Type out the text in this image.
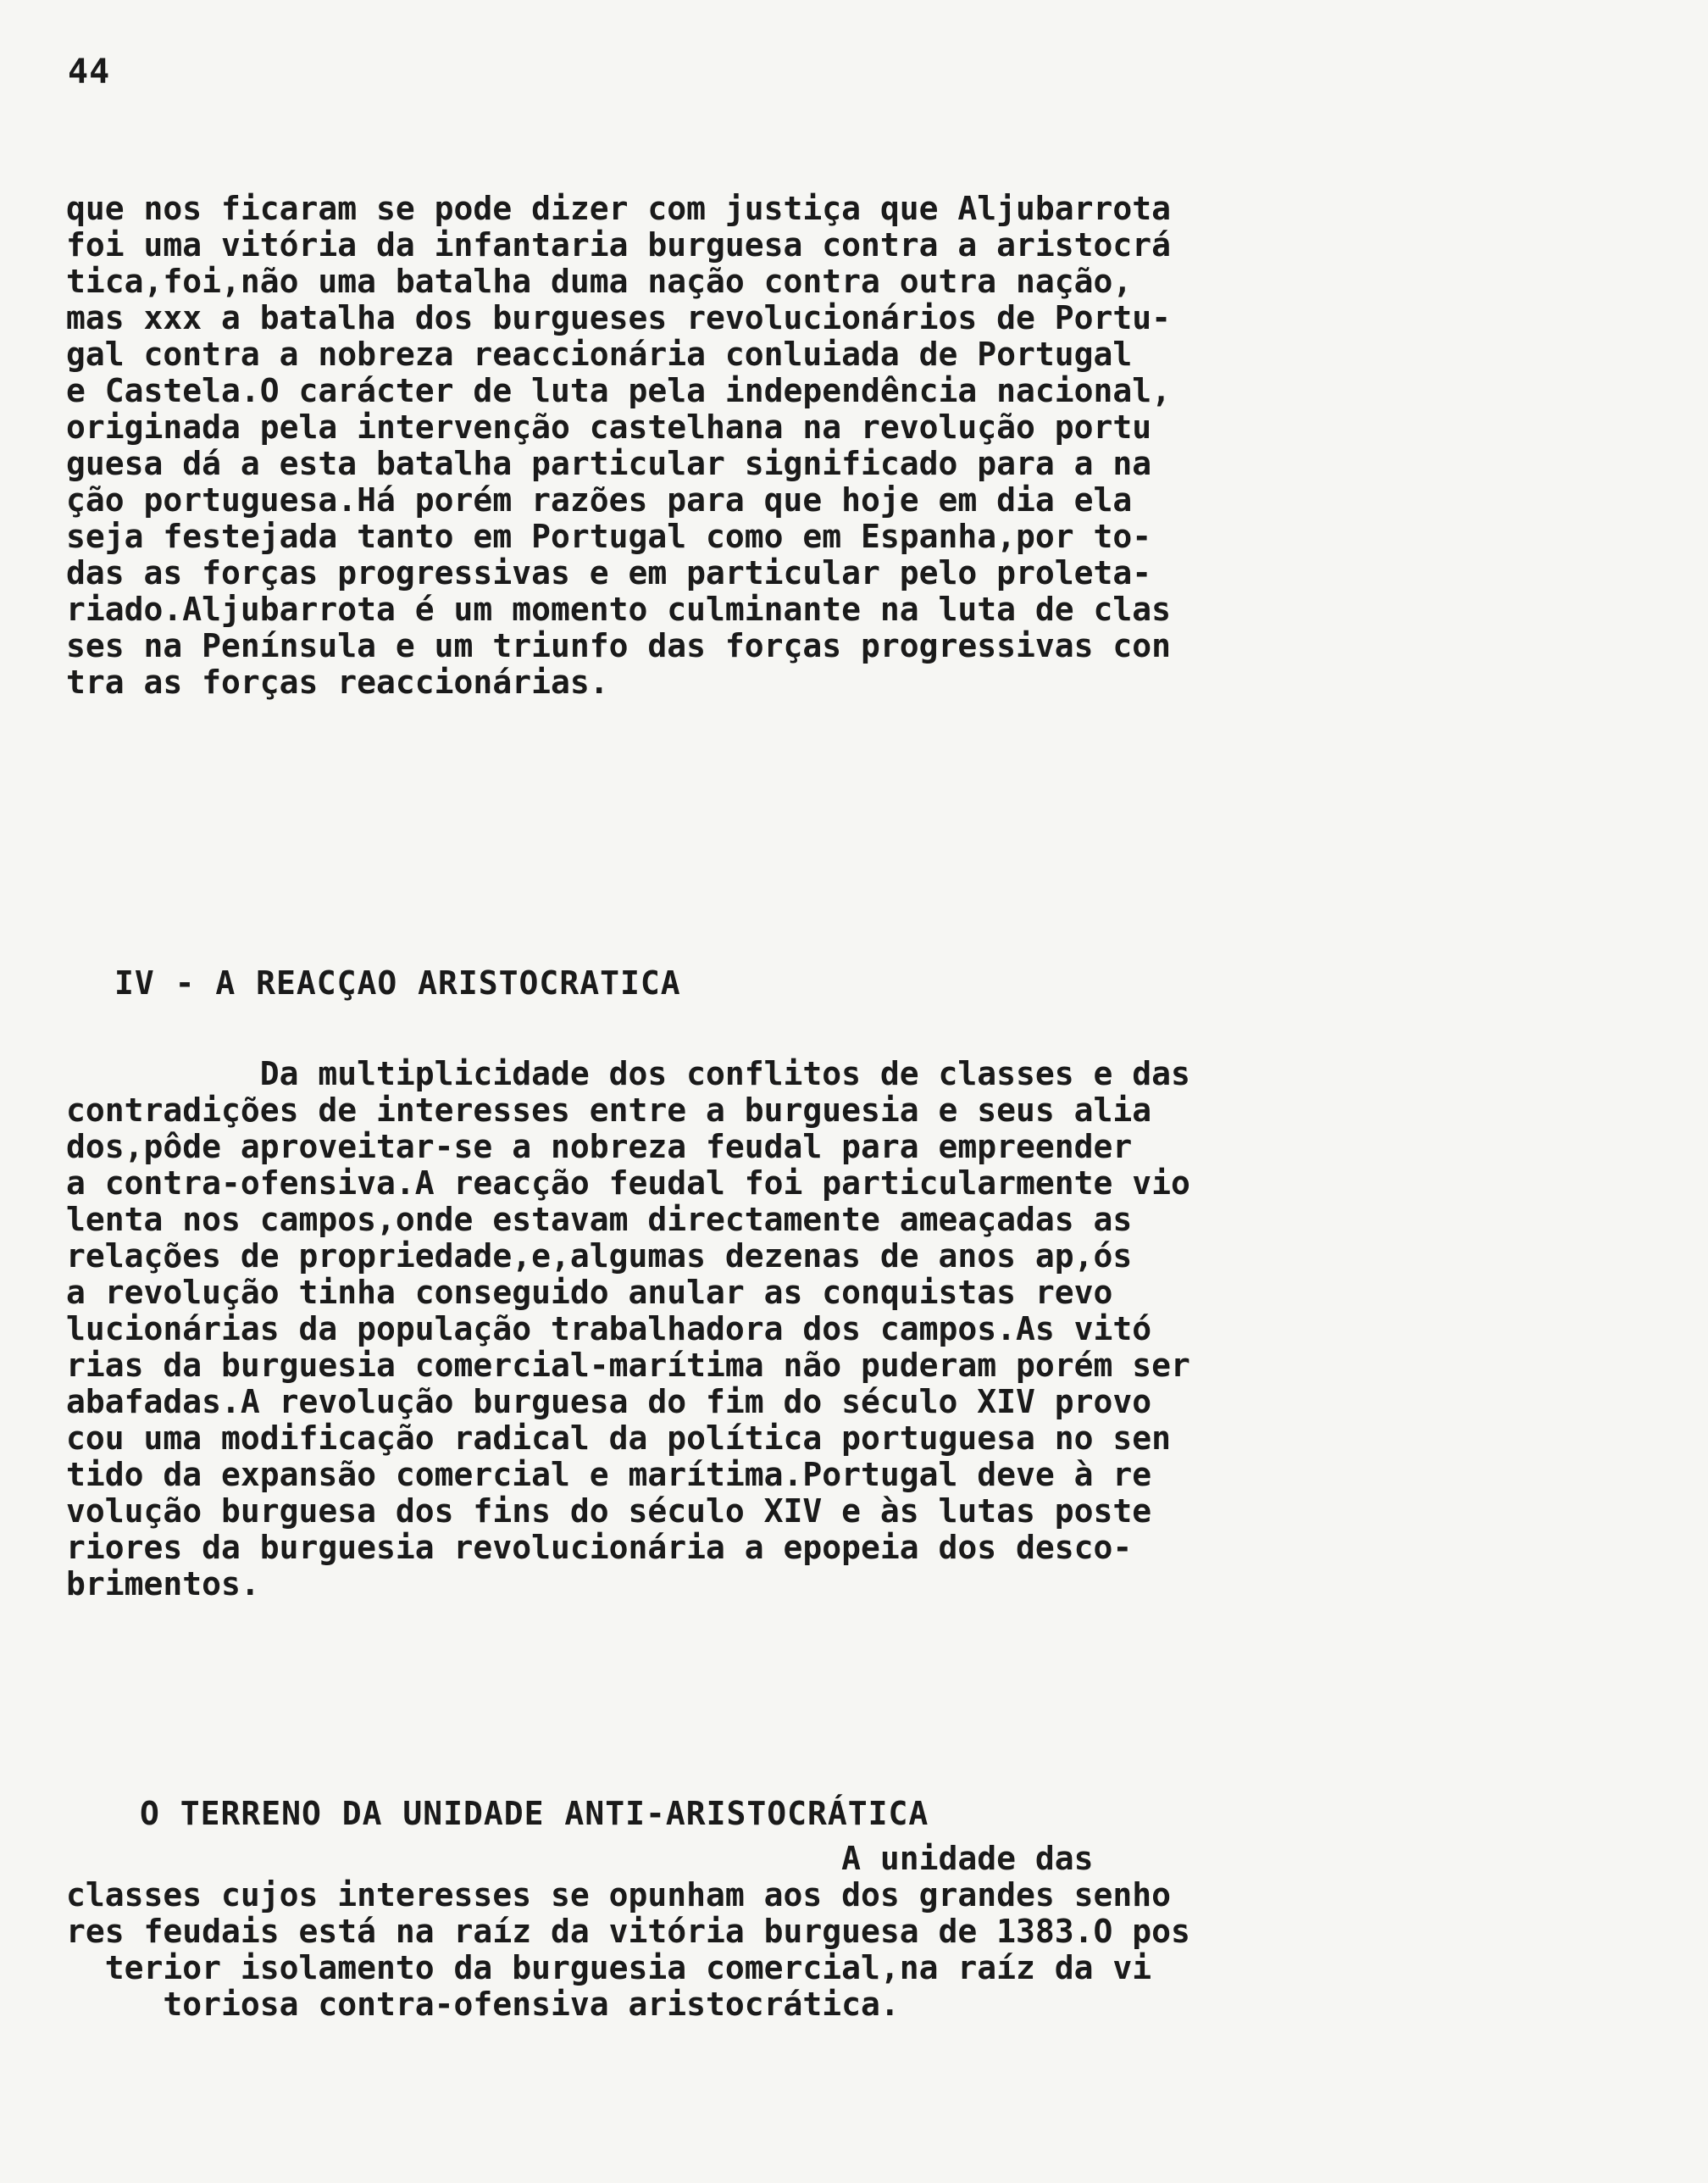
44
que nos ficaram se pode dizer com justiça que Aljubarrota
foi uma vitória da infantaria burguesa contra a aristocrá
tica,foi,não uma batalha duma nação contra outra nação,
mas xxx a batalha dos burgueses revolucionários de Portu-
gal contra a nobreza reaccionária conluiada de Portugal
e Castela.O carácter de luta pela independência nacional,
originada pela intervenção castelhana na revolução portu
guesa dá a esta batalha particular significado para a na
ção portuguesa.Há porém razões para que hoje em dia ela
seja festejada tanto em Portugal como em Espanha,por to-
das as forças progressivas e em particular pelo proleta-
riado.Aljubarrota é um momento culminante na luta de clas
ses na Península e um triunfo das forças progressivas con
tra as forças reaccionárias.
IV - A REACÇAO ARISTOCRATICA
Da multiplicidade dos conflitos de classes e das
contradições de interesses entre a burguesia e seus alia
dos,pôde aproveitar-se a nobreza feudal para empreender
a contra-ofensiva.A reacção feudal foi particularmente vio
lenta nos campos,onde estavam directamente ameaçadas as
relações de propriedade,e,algumas dezenas de anos ap,ós
a revolução tinha conseguido anular as conquistas revo
lucionárias da população trabalhadora dos campos.As vitó
rias da burguesia comercial-marítima não puderam porém ser
abafadas.A revolução burguesa do fim do século XIV provo
cou uma modificação radical da política portuguesa no sen
tido da expansão comercial e marítima.Portugal deve à re
volução burguesa dos fins do século XIV e às lutas poste
riores da burguesia revolucionária a epopeia dos desco-
brimentos.
O TERRENO DA UNIDADE ANTI-ARISTOCRÁTICA
A unidade das
classes cujos interesses se opunham aos dos grandes senho
res feudais está na raíz da vitória burguesa de 1383.O pos
terior isolamento da burguesia comercial,na raíz da vi
toriosa contra-ofensiva aristocrática.
